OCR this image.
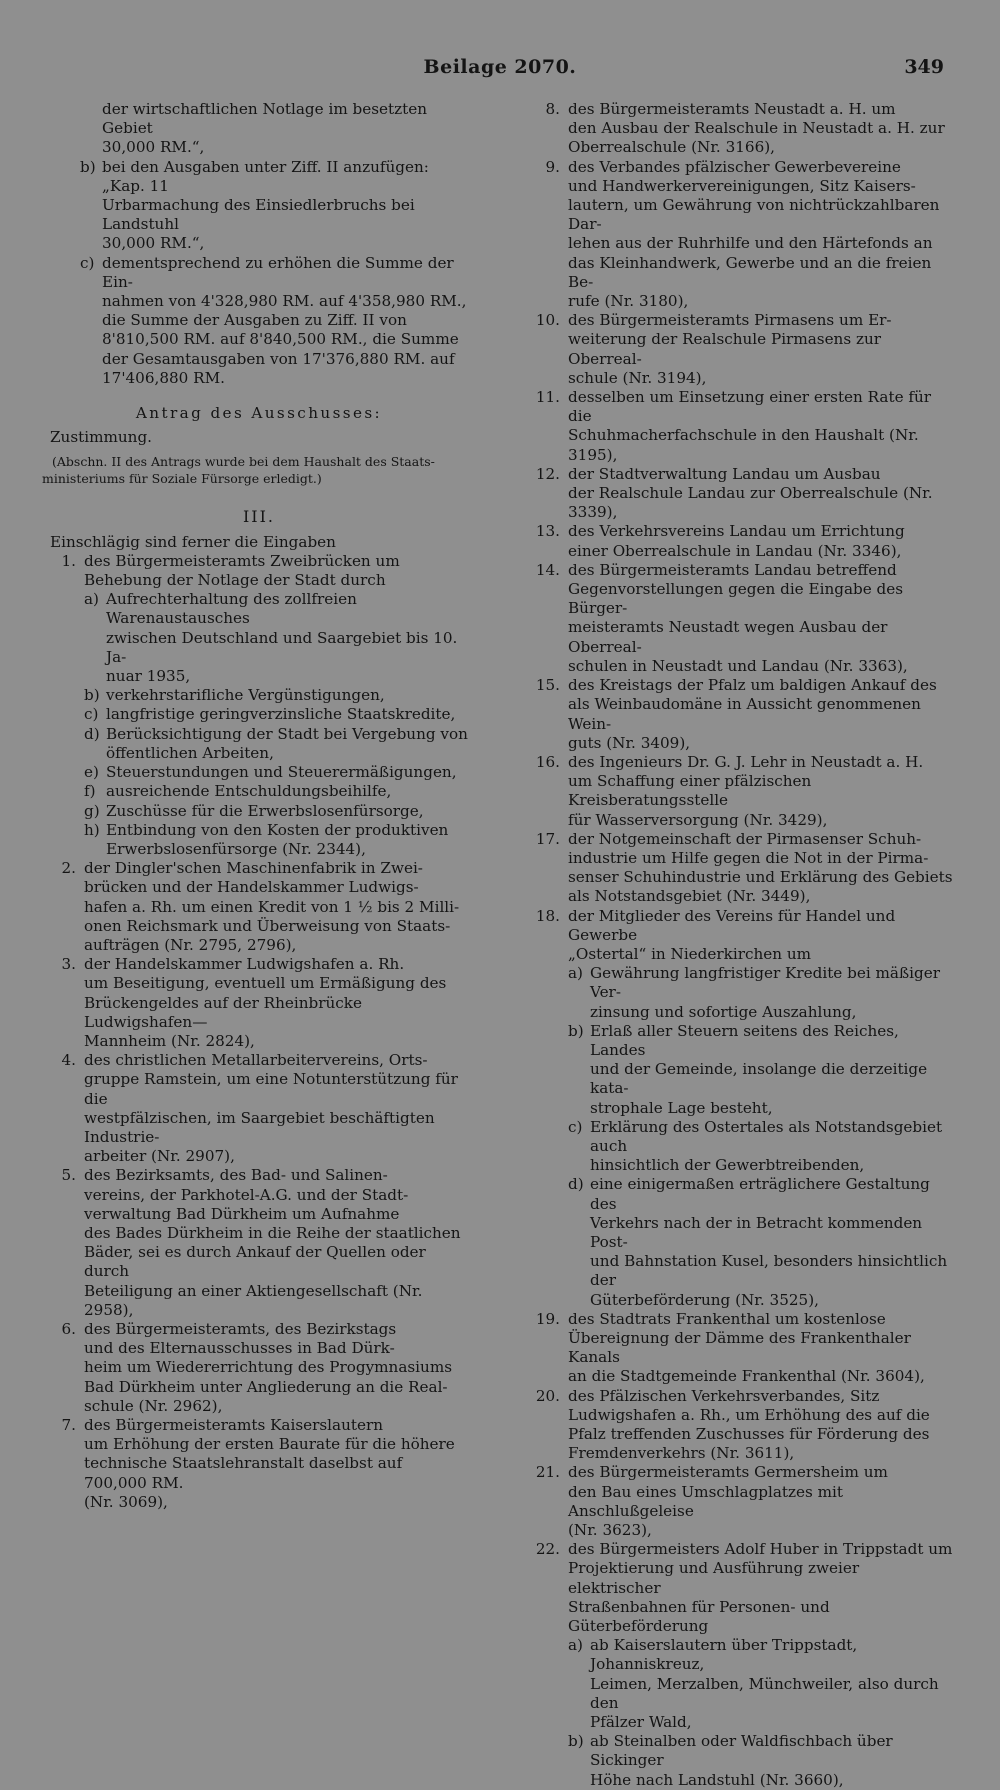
Beilage 2070.	349
der wirtschaftlichen Notlage im besetzten Gebiet
30,000 RM.“,
b) bei den Ausgaben unter Ziff. II anzufügen: „Kap. 11
Urbarmachung des Einsiedlerbruchs bei Landstuhl
30,000 RM.“,
c) dementsprechend zu erhöhen die Summe der Ein-
nahmen von 4'328,980 RM. auf 4'358,980 RM.,
die Summe der Ausgaben zu Ziff. II von
8'810,500 RM. auf 8'840,500 RM., die Summe
der Gesamtausgaben von 17'376,880 RM. auf
17'406,880 RM.
Antrag des Ausschusses:
Zustimmung.
(Abschn. II des Antrags wurde bei dem Haushalt des Staats-
ministeriums für Soziale Fürsorge erledigt.)
III.
Einschlägig sind ferner die Eingaben
1. des Bürgermeisteramts Zweibrücken um
Behebung der Notlage der Stadt durch
a) Aufrechterhaltung des zollfreien Warenaustausches
zwischen Deutschland und Saargebiet bis 10. Ja-
nuar 1935,
b) verkehrstarifliche Vergünstigungen,
c) langfristige geringverzinsliche Staatskredite,
d) Berücksichtigung der Stadt bei Vergebung von
öffentlichen Arbeiten,
e) Steuerstundungen und Steuerermäßigungen,
f) ausreichende Entschuldungsbeihilfe,
g) Zuschüsse für die Erwerbslosenfürsorge,
h) Entbindung von den Kosten der produktiven
Erwerbslosenfürsorge (Nr. 2344),
2. der Dingler'schen Maschinenfabrik in Zwei-
brücken und der Handelskammer Ludwigs-
hafen a. Rh. um einen Kredit von 1 ½ bis 2 Milli-
onen Reichsmark und Überweisung von Staats-
aufträgen (Nr. 2795, 2796),
3. der Handelskammer Ludwigshafen a. Rh.
um Beseitigung, eventuell um Ermäßigung des
Brückengeldes auf der Rheinbrücke Ludwigshafen—
Mannheim (Nr. 2824),
4. des christlichen Metallarbeitervereins, Orts-
gruppe Ramstein, um eine Notunterstützung für die
westpfälzischen, im Saargebiet beschäftigten Industrie-
arbeiter (Nr. 2907),
5. des Bezirksamts, des Bad- und Salinen-
vereins, der Parkhotel-A.G. und der Stadt-
verwaltung Bad Dürkheim um Aufnahme
des Bades Dürkheim in die Reihe der staatlichen
Bäder, sei es durch Ankauf der Quellen oder durch
Beteiligung an einer Aktiengesellschaft (Nr. 2958),
6. des Bürgermeisteramts, des Bezirkstags
und des Elternausschusses in Bad Dürk-
heim um Wiedererrichtung des Progymnasiums
Bad Dürkheim unter Angliederung an die Real-
schule (Nr. 2962),
7. des Bürgermeisteramts Kaiserslautern
um Erhöhung der ersten Baurate für die höhere
technische Staatslehranstalt daselbst auf 700,000 RM.
(Nr. 3069),
8. des Bürgermeisteramts Neustadt a. H. um
den Ausbau der Realschule in Neustadt a. H. zur
Oberrealschule (Nr. 3166),
9. des Verbandes pfälzischer Gewerbevereine
und Handwerkervereinigungen, Sitz Kaisers-
lautern, um Gewährung von nichtrückzahlbaren Dar-
lehen aus der Ruhrhilfe und den Härtefonds an
das Kleinhandwerk, Gewerbe und an die freien Be-
rufe (Nr. 3180),
10. des Bürgermeisteramts Pirmasens um Er-
weiterung der Realschule Pirmasens zur Oberreal-
schule (Nr. 3194),
11. desselben um Einsetzung einer ersten Rate für die
Schuhmacherfachschule in den Haushalt (Nr. 3195),
12. der Stadtverwaltung Landau um Ausbau
der Realschule Landau zur Oberrealschule (Nr. 3339),
13. des Verkehrsvereins Landau um Errichtung
einer Oberrealschule in Landau (Nr. 3346),
14. des Bürgermeisteramts Landau betreffend
Gegenvorstellungen gegen die Eingabe des Bürger-
meisteramts Neustadt wegen Ausbau der Oberreal-
schulen in Neustadt und Landau (Nr. 3363),
15. des Kreistags der Pfalz um baldigen Ankauf des
als Weinbaudomäne in Aussicht genommenen Wein-
guts (Nr. 3409),
16. des Ingenieurs Dr. G. J. Lehr in Neustadt a. H.
um Schaffung einer pfälzischen Kreisberatungsstelle
für Wasserversorgung (Nr. 3429),
17. der Notgemeinschaft der Pirmasenser Schuh-
industrie um Hilfe gegen die Not in der Pirma-
senser Schuhindustrie und Erklärung des Gebiets
als Notstandsgebiet (Nr. 3449),
18. der Mitglieder des Vereins für Handel und Gewerbe
„Ostertal“ in Niederkirchen um
a) Gewährung langfristiger Kredite bei mäßiger Ver-
zinsung und sofortige Auszahlung,
b) Erlaß aller Steuern seitens des Reiches, Landes
und der Gemeinde, insolange die derzeitige kata-
strophale Lage besteht,
c) Erklärung des Ostertales als Notstandsgebiet auch
hinsichtlich der Gewerbtreibenden,
d) eine einigermaßen erträglichere Gestaltung des
Verkehrs nach der in Betracht kommenden Post-
und Bahnstation Kusel, besonders hinsichtlich der
Güterbeförderung (Nr. 3525),
19. des Stadtrats Frankenthal um kostenlose
Übereignung der Dämme des Frankenthaler Kanals
an die Stadtgemeinde Frankenthal (Nr. 3604),
20. des Pfälzischen Verkehrsverbandes, Sitz
Ludwigshafen a. Rh., um Erhöhung des auf die
Pfalz treffenden Zuschusses für Förderung des
Fremdenverkehrs (Nr. 3611),
21. des Bürgermeisteramts Germersheim um
den Bau eines Umschlagplatzes mit Anschlußgeleise
(Nr. 3623),
22. des Bürgermeisters Adolf Huber in Trippstadt um
Projektierung und Ausführung zweier elektrischer
Straßenbahnen für Personen- und Güterbeförderung
a) ab Kaiserslautern über Trippstadt, Johanniskreuz,
Leimen, Merzalben, Münchweiler, also durch den
Pfälzer Wald,
b) ab Steinalben oder Waldfischbach über Sickinger
Höhe nach Landstuhl (Nr. 3660),
